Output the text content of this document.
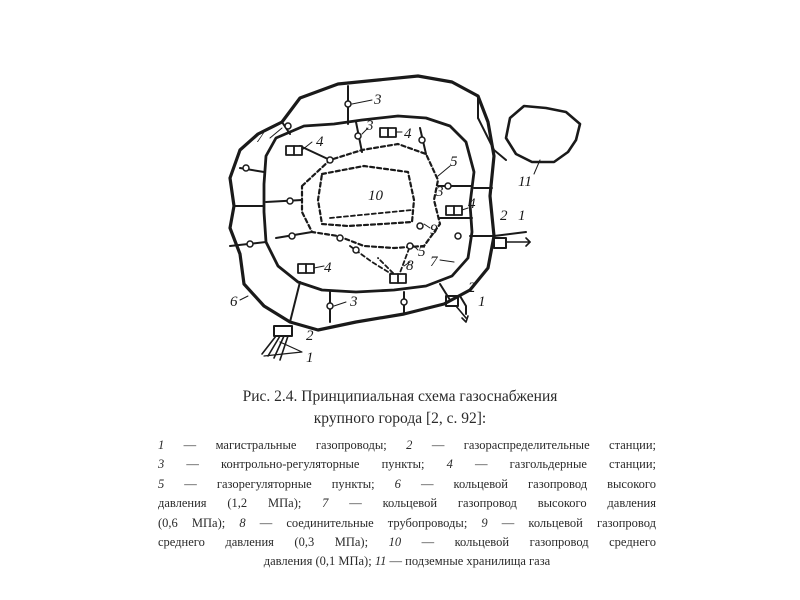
1
1
1
2
2
2
3
3
3
3
4	4
4
4
5
5
6
7
7
8
9
10
11
Рис. 2.4. Принципиальная схема газоснабжения
крупного города [2, с. 92]:
1 — магистральные газопроводы; 2 — газораспределительные станции;
3 — контрольно-регуляторные пункты; 4 — газгольдерные станции;
5 — газорегуляторные пункты; 6 — кольцевой газопровод высокого
давления (1,2 МПа); 7 — кольцевой газопровод высокого давления
(0,6 МПа); 8 — соединительные трубопроводы; 9 — кольцевой газопровод
среднего давления (0,3 МПа); 10 — кольцевой газопровод среднего
давления (0,1 МПа); 11 — подземные хранилища газа
